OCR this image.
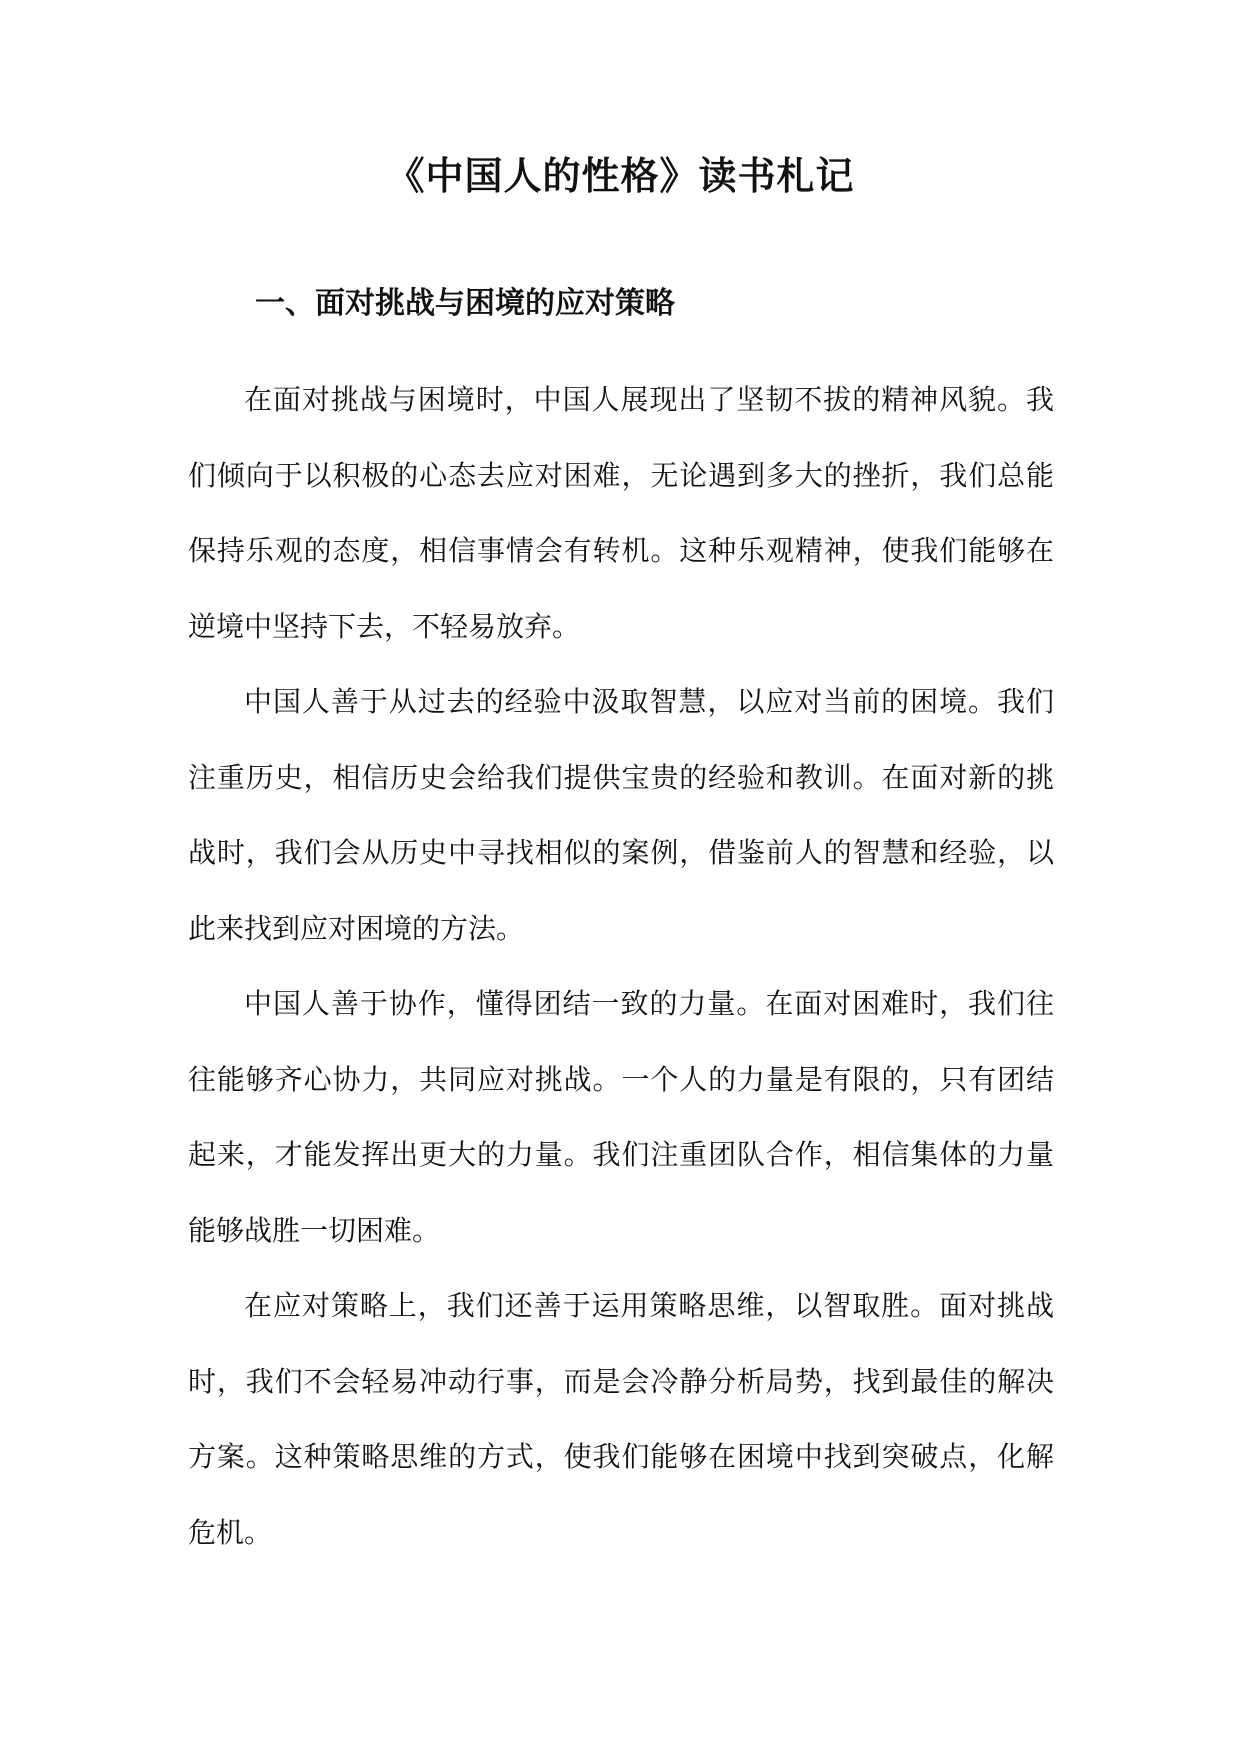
《中国人的性格》读书札记
一、面对挑战与困境的应对策略

在面对挑战与困境时，中国人展现出了坚韧不拔的精神风貌。我们倾向于以积极的心态去应对困难，无论遇到多大的挫折，我们总能保持乐观的态度，相信事情会有转机。这种乐观精神，使我们能够在逆境中坚持下去，不轻易放弃。

中国人善于从过去的经验中汲取智慧，以应对当前的困境。我们注重历史，相信历史会给我们提供宝贵的经验和教训。在面对新的挑战时，我们会从历史中寻找相似的案例，借鉴前人的智慧和经验，以此来找到应对困境的方法。

中国人善于协作，懂得团结一致的力量。在面对困难时，我们往往能够齐心协力，共同应对挑战。一个人的力量是有限的，只有团结起来，才能发挥出更大的力量。我们注重团队合作，相信集体的力量能够战胜一切困难。

在应对策略上，我们还善于运用策略思维，以智取胜。面对挑战时，我们不会轻易冲动行事，而是会冷静分析局势，找到最佳的解决方案。这种策略思维的方式，使我们能够在困境中找到突破点，化解危机。
